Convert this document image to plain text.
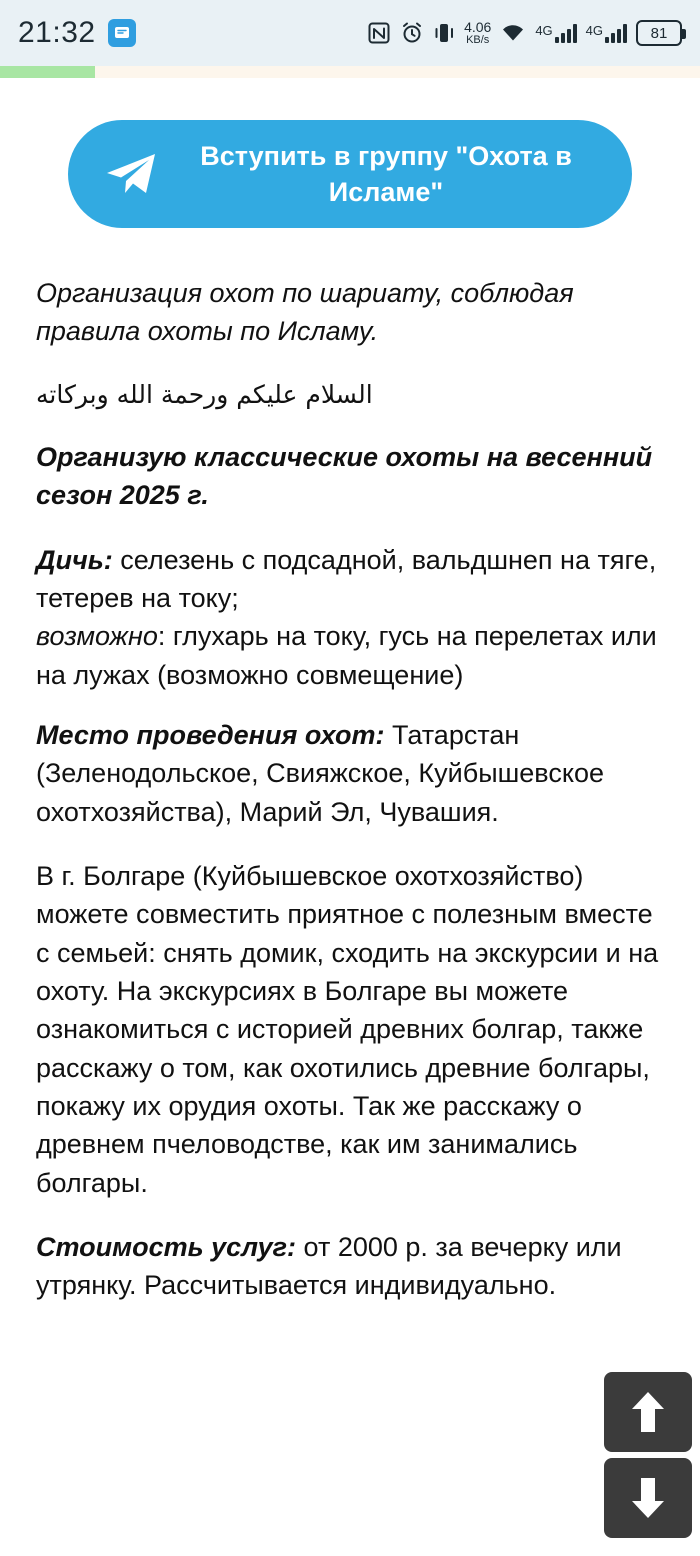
21:32	4.06
KB/s
4G	4G	81
Вступить в группу "Охота в Исламе"

Организация охот по шариату, соблюдая правила охоты по Исламу.

السلام عليكم ورحمة الله وبركاته

Организую классические охоты на весенний сезон 2025 г.

Дичь: селезень с подсадной, вальдшнеп на тяге, тетерев на току;
возможно: глухарь на току, гусь на перелетах или на лужах (возможно совмещение)

Место проведения охот: Татарстан (Зеленодольское, Свияжское, Куйбышевское охотхозяйства), Марий Эл, Чувашия.

В г. Болгаре (Куйбышевское охотхозяйство) можете совместить приятное с полезным вместе с семьей: снять домик, сходить на экскурсии и на охоту. На экскурсиях в Болгаре вы можете ознакомиться с историей древних болгар, также расскажу о том, как охотились древние болгары, покажу их орудия охоты. Так же расскажу о древнем пчеловодстве, как им занимались болгары.

Стоимость услуг: от 2000 р. за вечерку или утрянку. Рассчитывается индивидуально.
